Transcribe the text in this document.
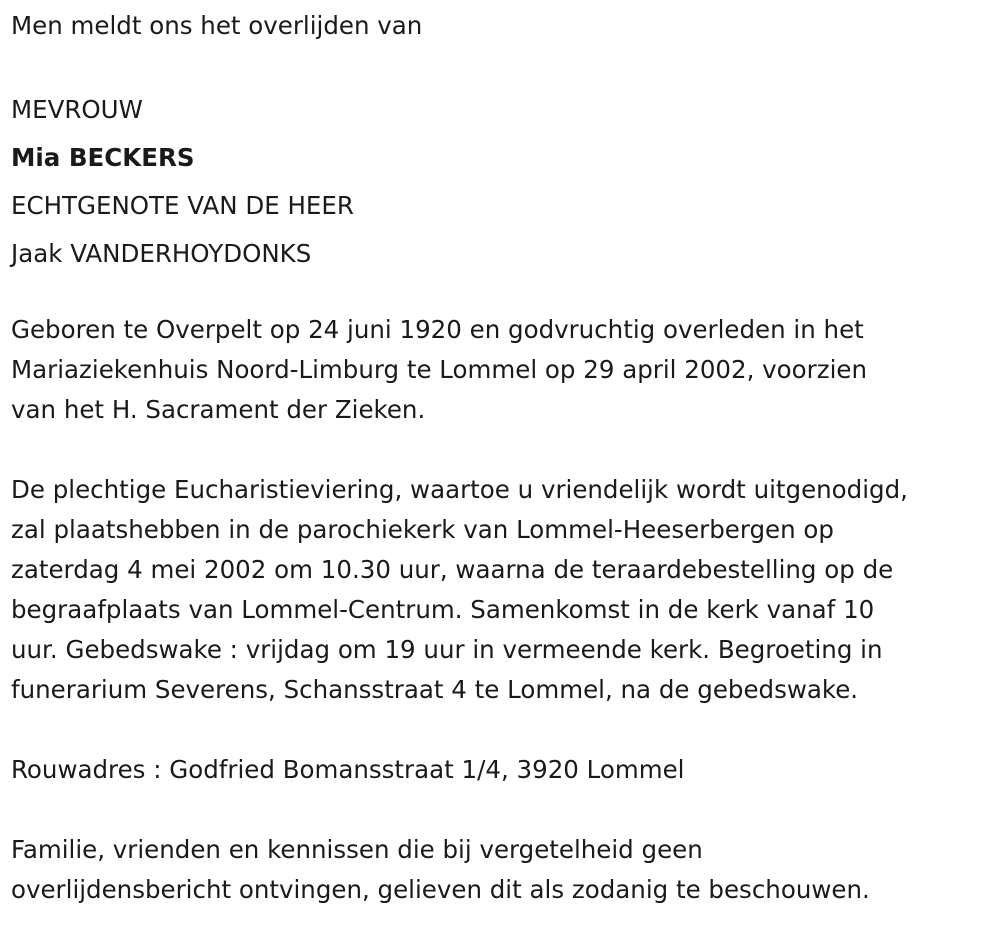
Men meldt ons het overlijden van

MEVROUW

Mia BECKERS

ECHTGENOTE VAN DE HEER

Jaak VANDERHOYDONKS

Geboren te Overpelt op 24 juni 1920 en godvruchtig overleden in het

Mariaziekenhuis Noord-Limburg te Lommel op 29 april 2002, voorzien

van het H. Sacrament der Zieken.

De plechtige Eucharistieviering, waartoe u vriendelijk wordt uitgenodigd,

zal plaatshebben in de parochiekerk van Lommel-Heeserbergen op

zaterdag 4 mei 2002 om 10.30 uur, waarna de teraardebestelling op de

begraafplaats van Lommel-Centrum. Samenkomst in de kerk vanaf 10

uur. Gebedswake : vrijdag om 19 uur in vermeende kerk. Begroeting in

funerarium Severens, Schansstraat 4 te Lommel, na de gebedswake.

Rouwadres : Godfried Bomansstraat 1/4, 3920 Lommel

Familie, vrienden en kennissen die bij vergetelheid geen

overlijdensbericht ontvingen, gelieven dit als zodanig te beschouwen.
